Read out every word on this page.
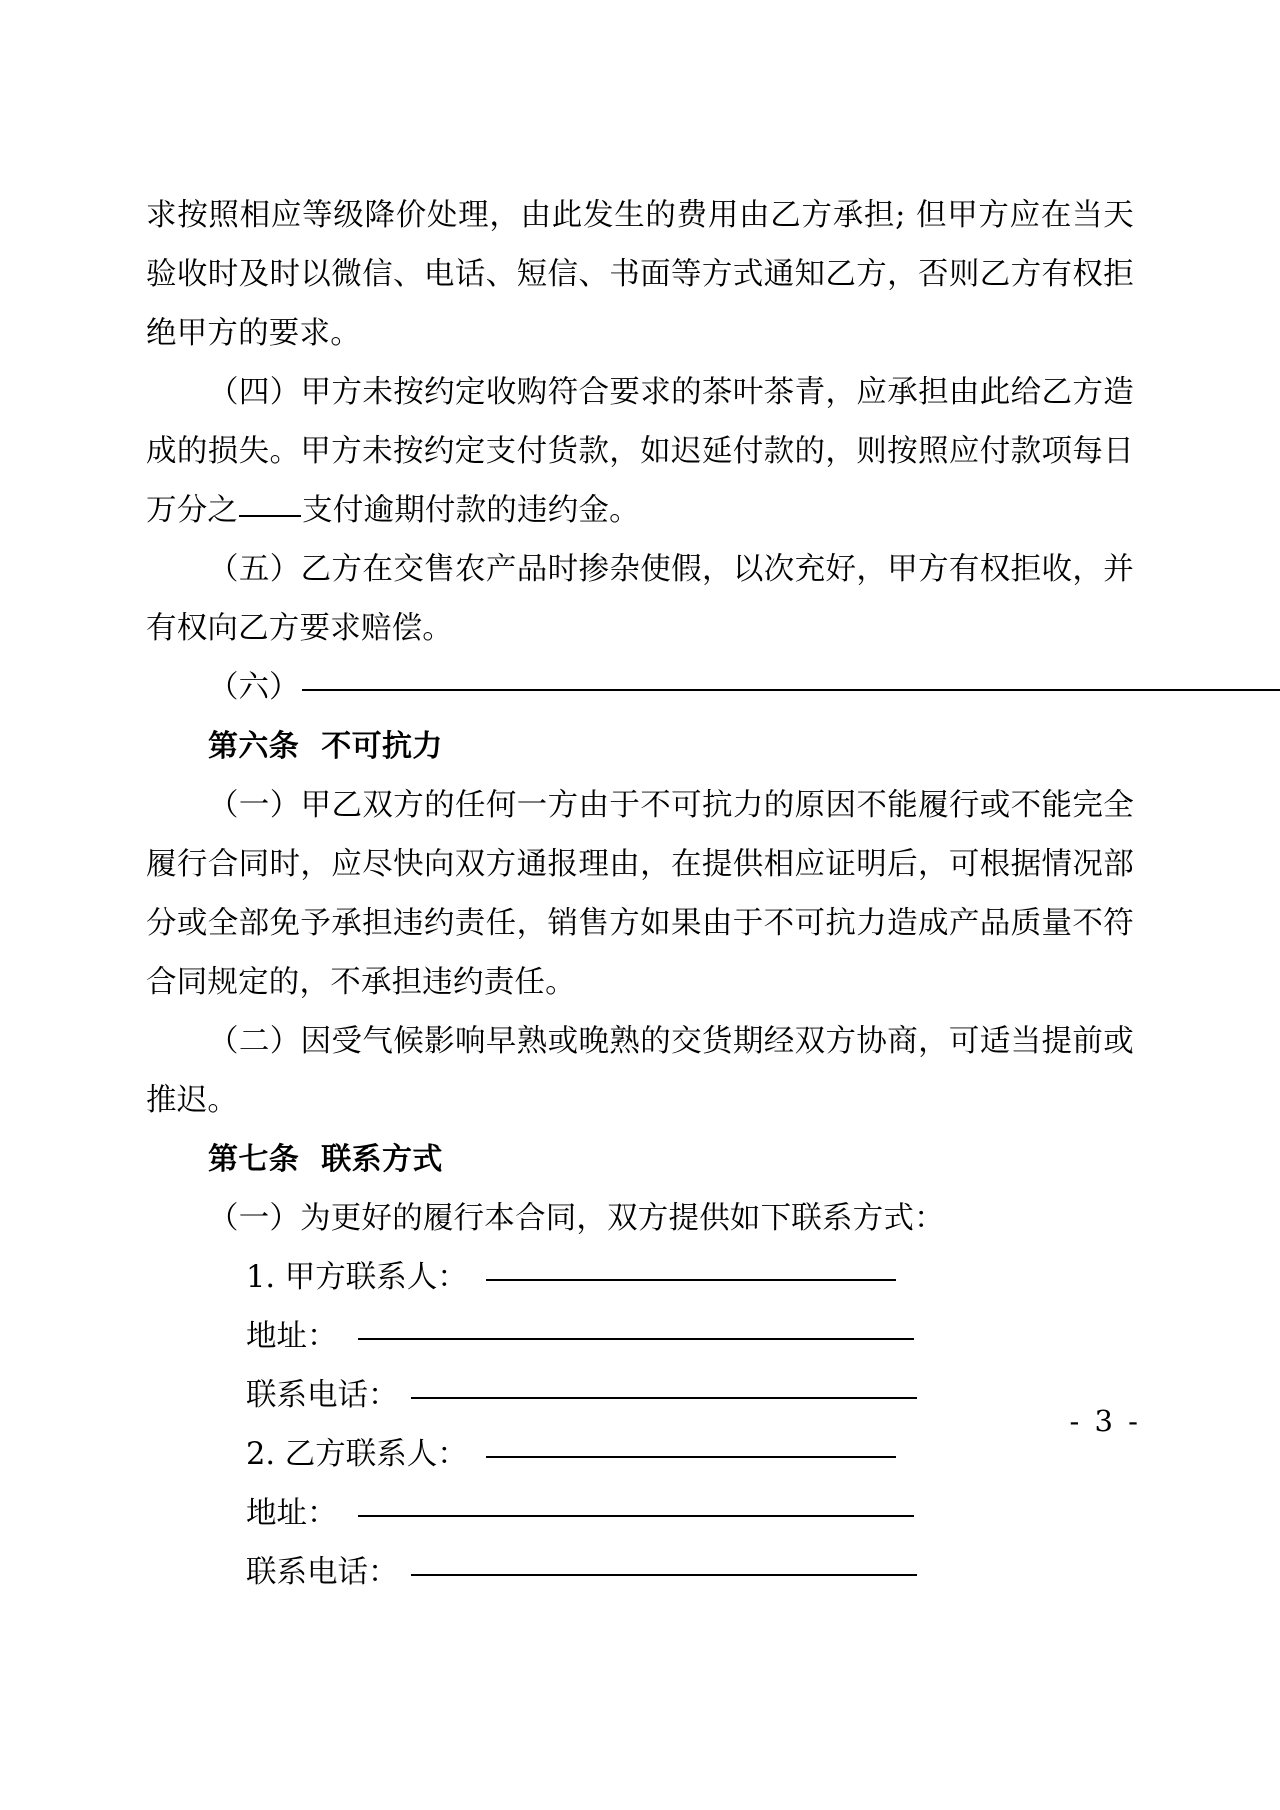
求按照相应等级降价处理，由此发生的费用由乙方承担; 但甲方应在当天验收时及时以微信、电话、短信、书面等方式通知乙方，否则乙方有权拒绝甲方的要求。

（四）甲方未按约定收购符合要求的茶叶茶青，应承担由此给乙方造成的损失。甲方未按约定支付货款，如迟延付款的，则按照应付款项每日万分之 支付逾期付款的违约金。

（五）乙方在交售农产品时掺杂使假，以次充好，甲方有权拒收，并有权向乙方要求赔偿。

（六）

第六条 不可抗力

（一）甲乙双方的任何一方由于不可抗力的原因不能履行或不能完全履行合同时，应尽快向双方通报理由，在提供相应证明后，可根据情况部分或全部免予承担违约责任，销售方如果由于不可抗力造成产品质量不符合同规定的，不承担违约责任。

（二）因受气候影响早熟或晚熟的交货期经双方协商，可适当提前或推迟。

第七条 联系方式

（一）为更好的履行本合同，双方提供如下联系方式：

1. 甲方联系人：
地址：
联系电话：
2. 乙方联系人：
地址：
联系电话：
- 3 -
